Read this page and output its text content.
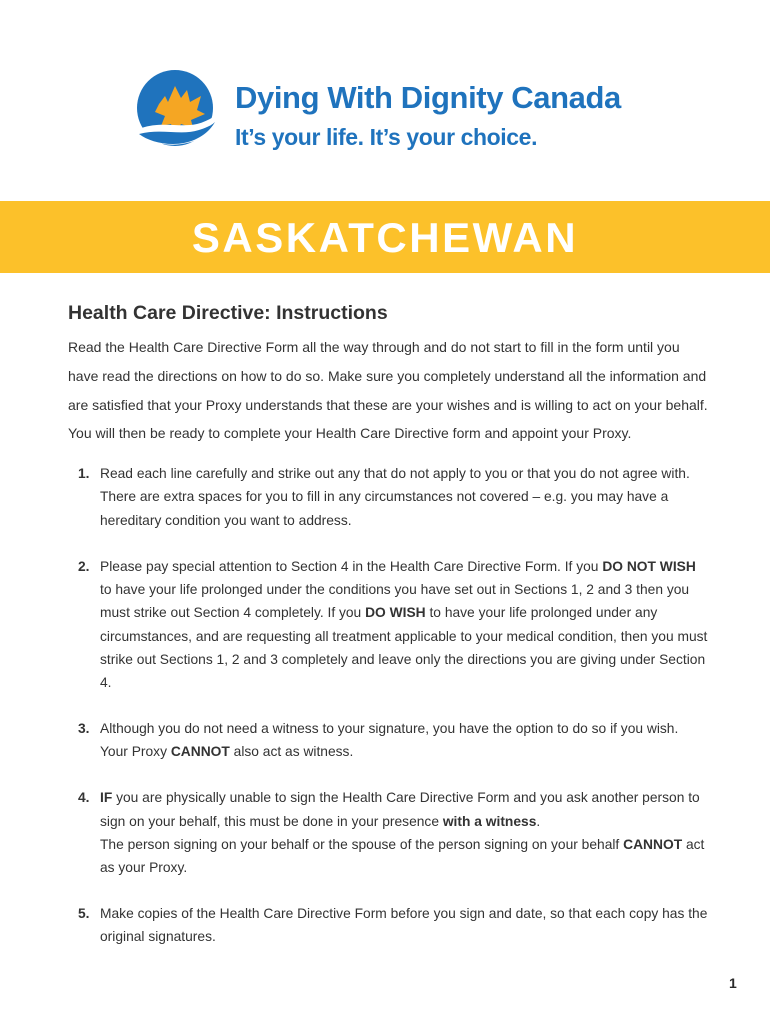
Dying With Dignity Canada
It’s your life. It’s your choice.
SASKATCHEWAN
Health Care Directive: Instructions

Read the Health Care Directive Form all the way through and do not start to fill in the form until you have read the directions on how to do so. Make sure you completely understand all the information and are satisfied that your Proxy understands that these are your wishes and is willing to act on your behalf. You will then be ready to complete your Health Care Directive form and appoint your Proxy.

1. Read each line carefully and strike out any that do not apply to you or that you do not agree with. There are extra spaces for you to fill in any circumstances not covered – e.g. you may have a hereditary condition you want to address.
2. Please pay special attention to Section 4 in the Health Care Directive Form. If you DO NOT WISH to have your life prolonged under the conditions you have set out in Sections 1, 2 and 3 then you must strike out Section 4 completely. If you DO WISH to have your life prolonged under any circumstances, and are requesting all treatment applicable to your medical condition, then you must strike out Sections 1, 2 and 3 completely and leave only the directions you are giving under Section 4.
3. Although you do not need a witness to your signature, you have the option to do so if you wish. Your Proxy CANNOT also act as witness.
4. IF you are physically unable to sign the Health Care Directive Form and you ask another person to sign on your behalf, this must be done in your presence with a witness.
The person signing on your behalf or the spouse of the person signing on your behalf CANNOT act as your Proxy.
5. Make copies of the Health Care Directive Form before you sign and date, so that each copy has the original signatures.
1
